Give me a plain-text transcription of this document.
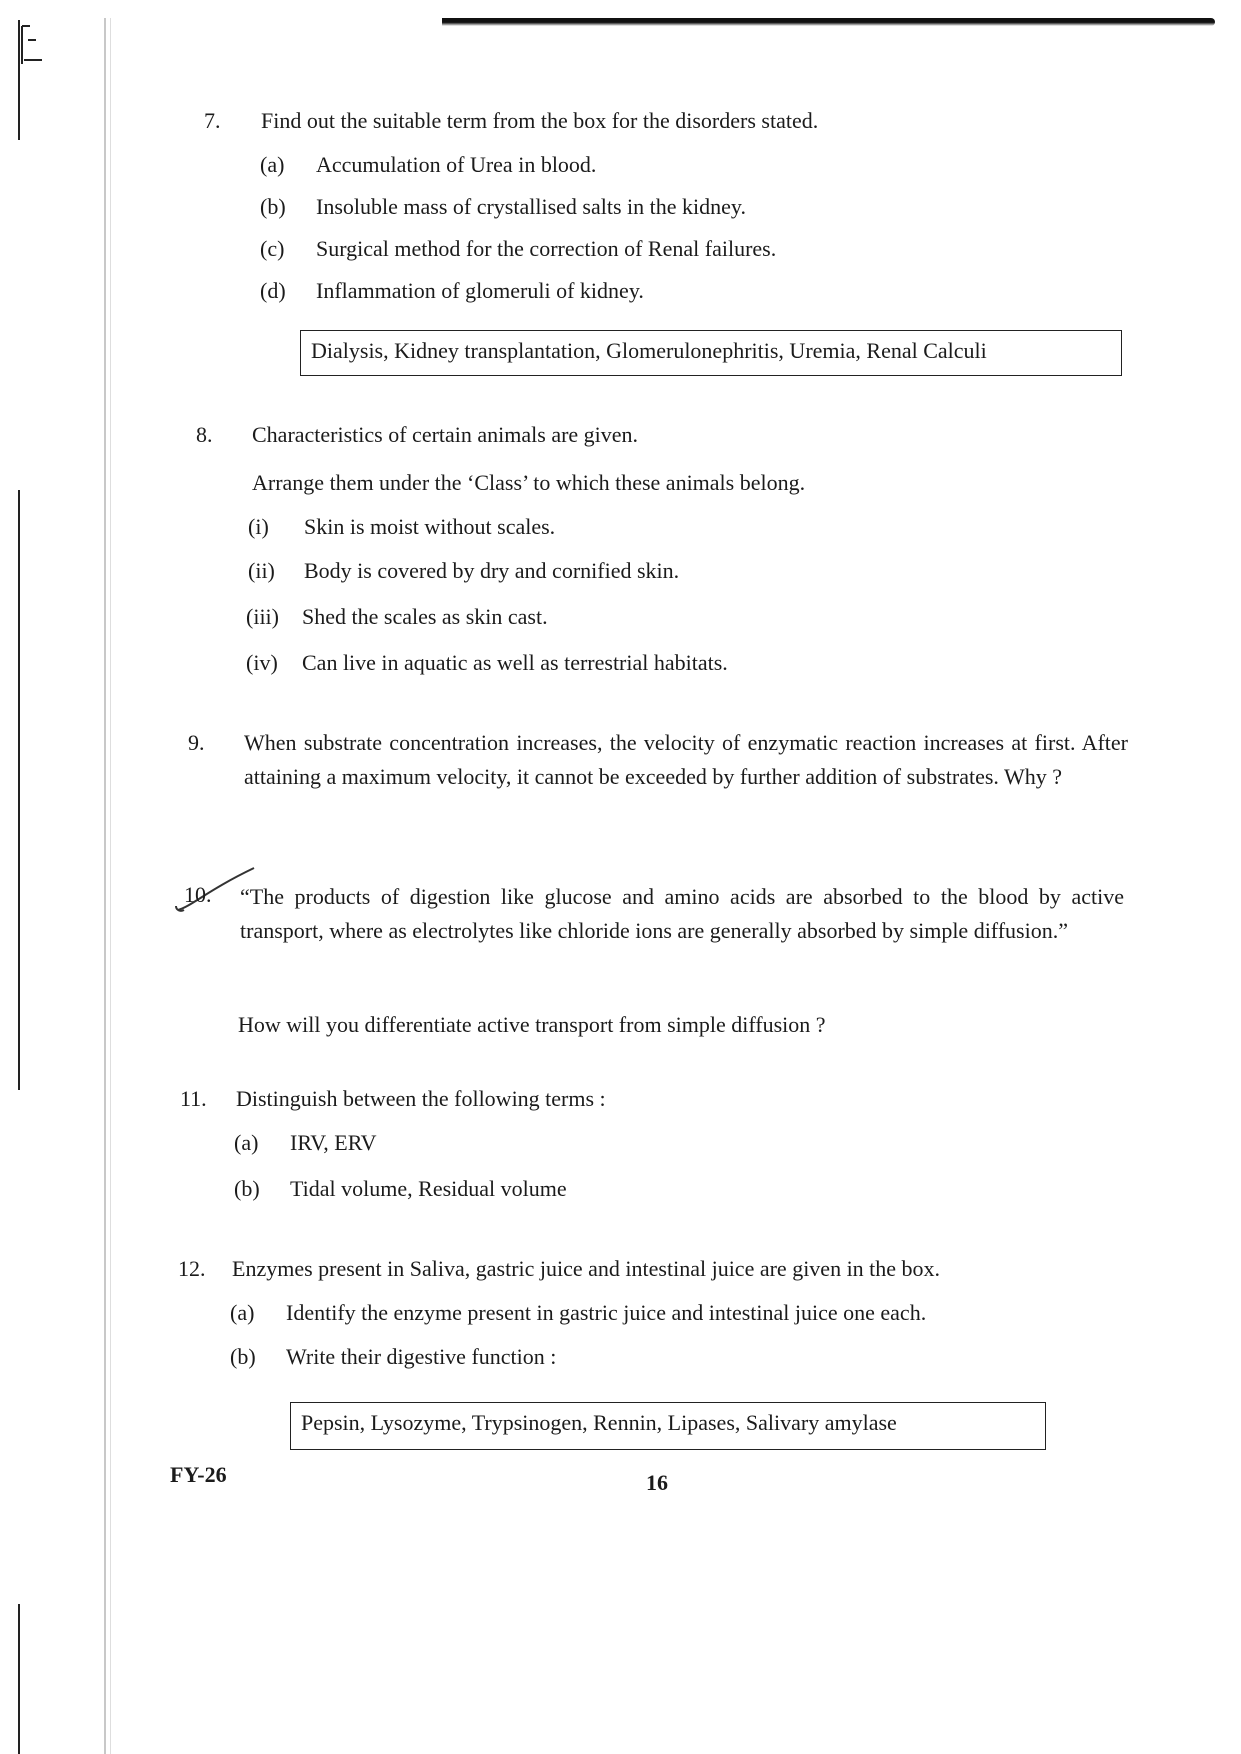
7. Find out the suitable term from the box for the disorders stated.
(a) Accumulation of Urea in blood.
(b) Insoluble mass of crystallised salts in the kidney.
(c) Surgical method for the correction of Renal failures.
(d) Inflammation of glomeruli of kidney.
Dialysis, Kidney transplantation, Glomerulonephritis, Uremia, Renal Calculi
8. Characteristics of certain animals are given.
Arrange them under the ‘Class’ to which these animals belong.
(i) Skin is moist without scales.
(ii) Body is covered by dry and cornified skin.
(iii) Shed the scales as skin cast.
(iv) Can live in aquatic as well as terrestrial habitats.
9. When substrate concentration increases, the velocity of enzymatic reaction increases at first. After attaining a maximum velocity, it cannot be exceeded by further addition of substrates. Why ?
10. “The products of digestion like glucose and amino acids are absorbed to the blood by active transport, where as electrolytes like chloride ions are generally absorbed by simple diffusion.”
How will you differentiate active transport from simple diffusion ?
11. Distinguish between the following terms :
(a) IRV, ERV
(b) Tidal volume, Residual volume
12. Enzymes present in Saliva, gastric juice and intestinal juice are given in the box.
(a) Identify the enzyme present in gastric juice and intestinal juice one each.
(b) Write their digestive function :
Pepsin, Lysozyme, Trypsinogen, Rennin, Lipases, Salivary amylase
FY-26	16
